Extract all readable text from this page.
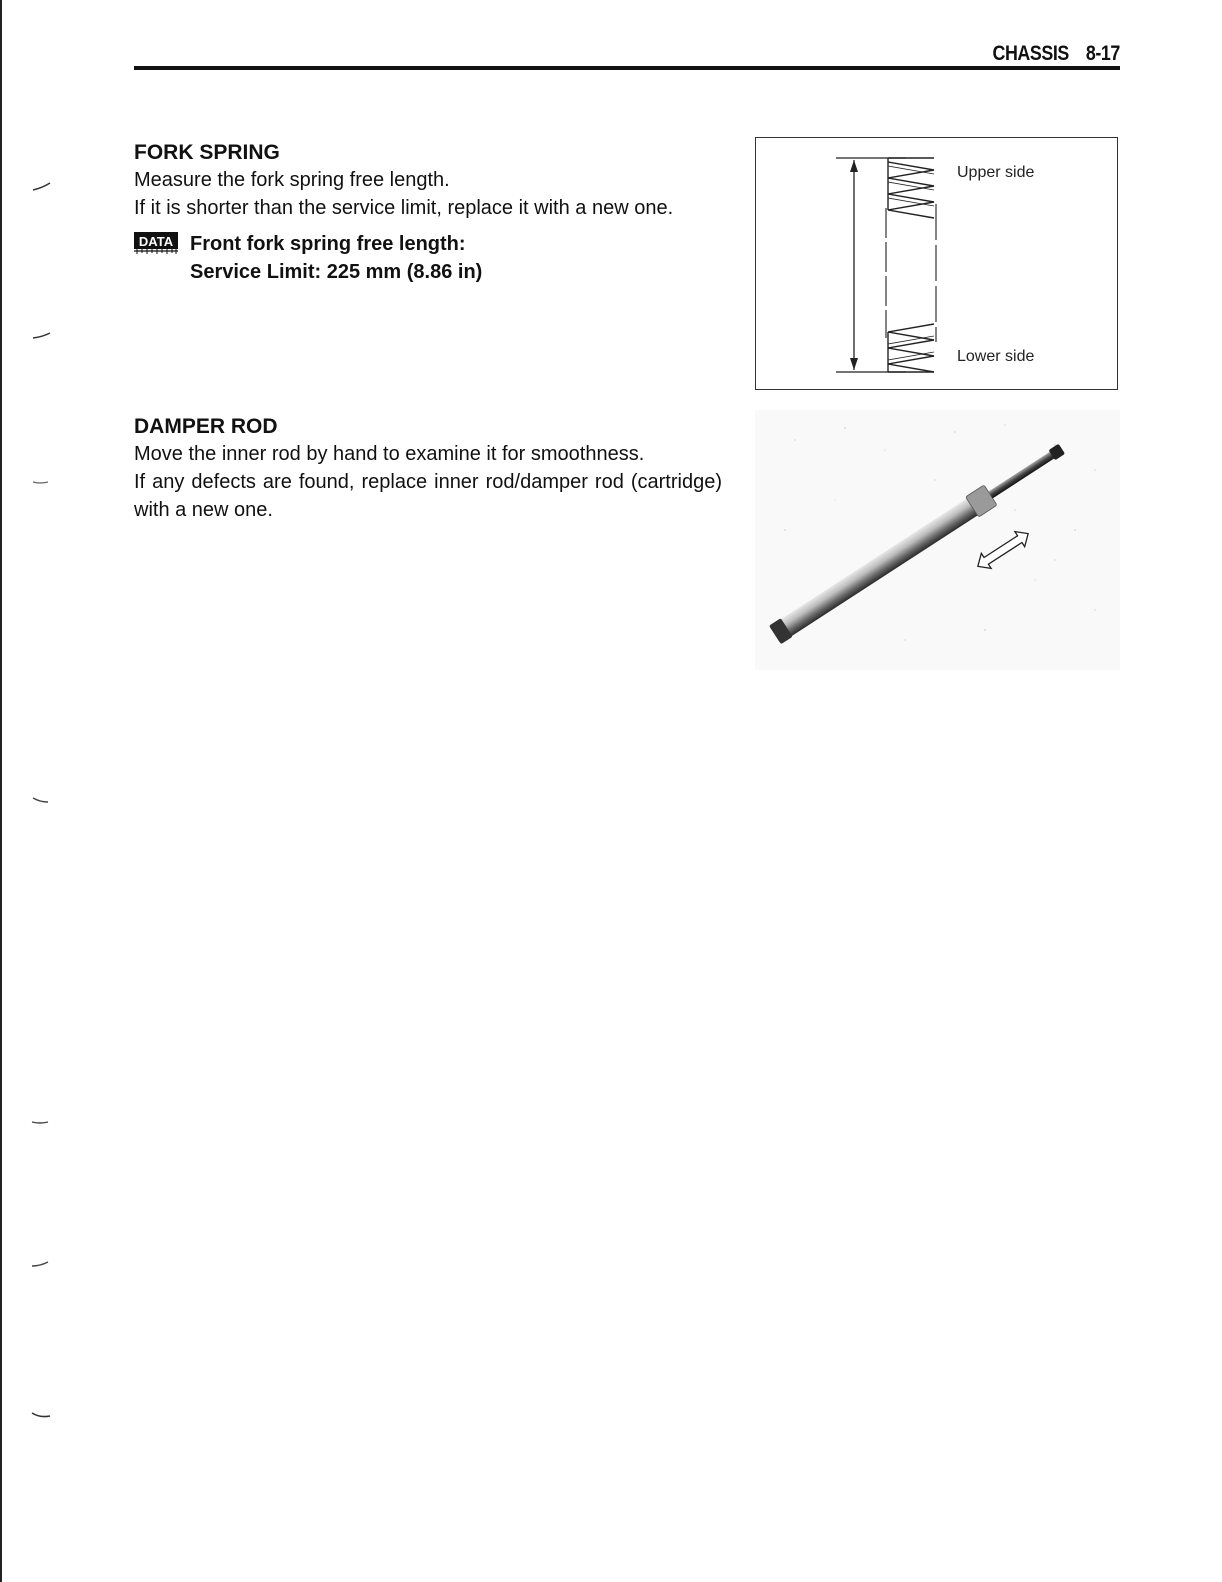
CHASSIS 8-17

FORK SPRING

Measure the fork spring free length.

If it is shorter than the service limit, replace it with a new one.

DATA Front fork spring free length:
Service Limit: 225 mm (8.86 in)
Upper side
Lower side

DAMPER ROD

Move the inner rod by hand to examine it for smoothness.

If any defects are found, replace inner rod/damper rod (cartridge) with a new one.
